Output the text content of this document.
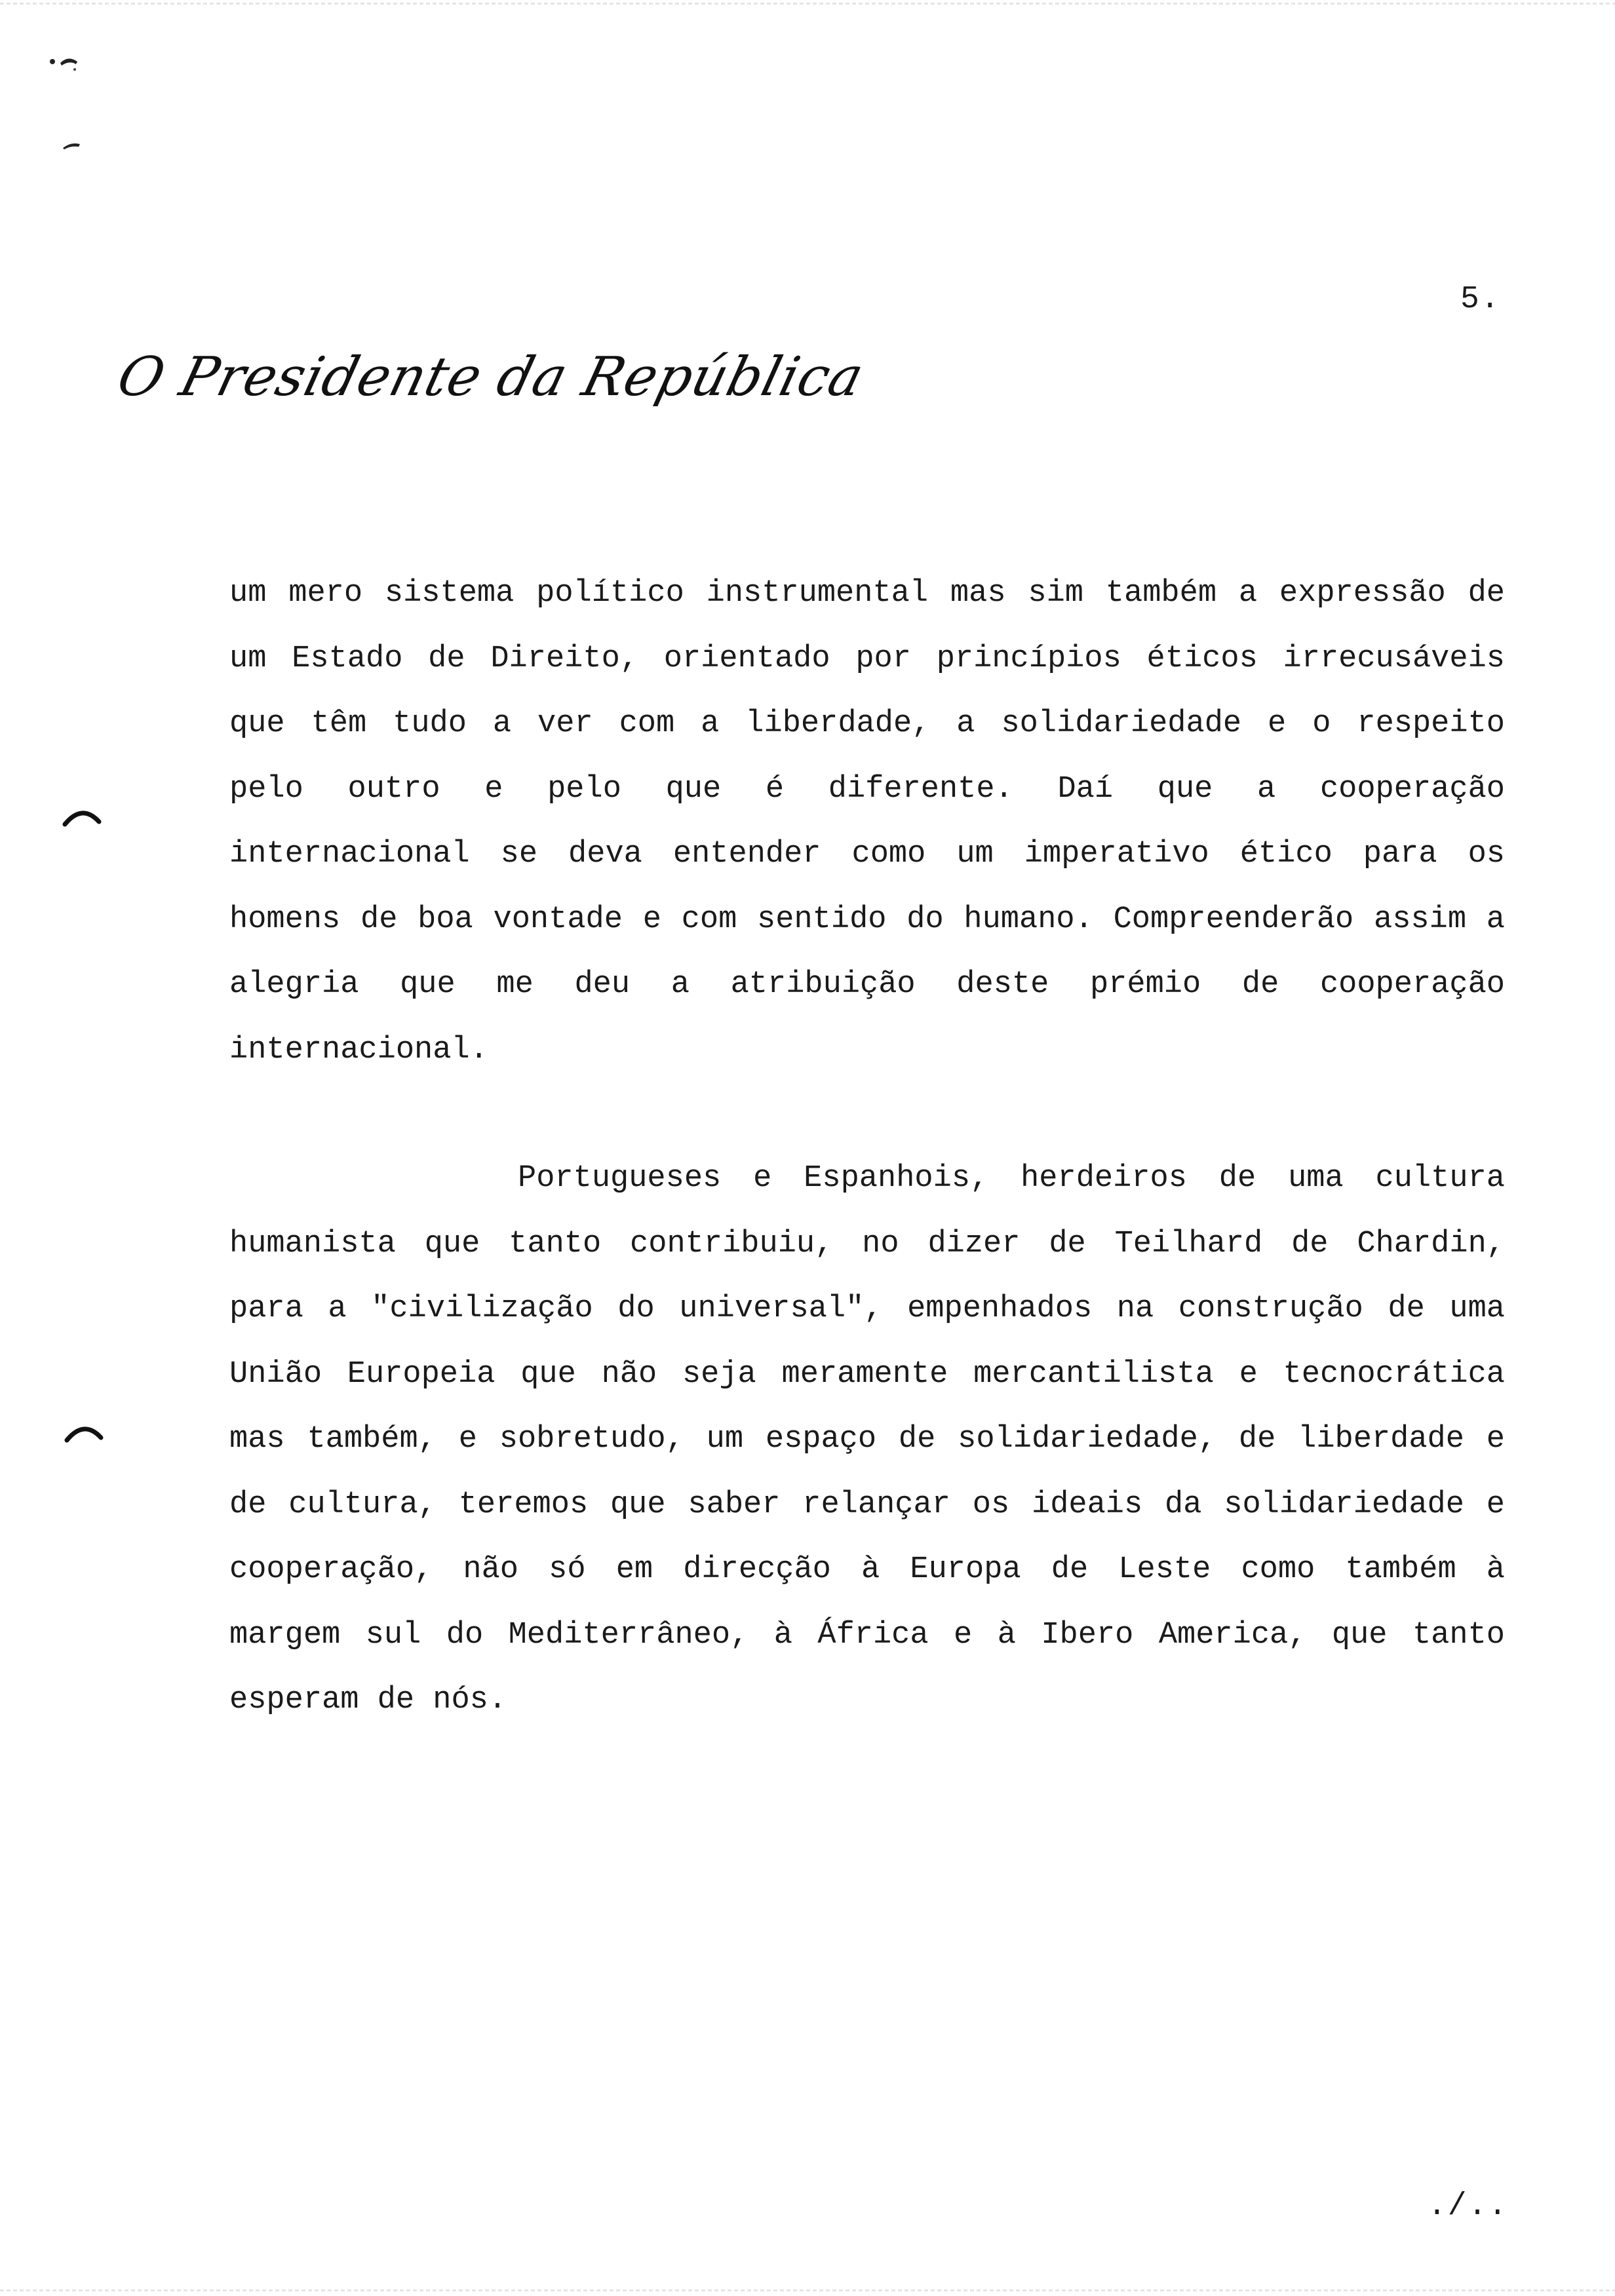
5.
O Presidente da República

um mero sistema político instrumental mas sim também a expressão de um Estado de Direito, orientado por princípios éticos irrecusáveis que têm tudo a ver com a liberdade, a solidariedade e o respeito pelo outro e pelo que é diferente. Daí que a cooperação internacional se deva entender como um imperativo ético para os homens de boa vontade e com sentido do humano. Compreenderão assim a alegria que me deu a atribuição deste prémio de cooperação internacional.

Portugueses e Espanhois, herdeiros de uma cultura humanista que tanto contribuiu, no dizer de Teilhard de Chardin, para a "civilização do universal", empenhados na construção de uma União Europeia que não seja meramente mercantilista e tecnocrática mas também, e sobretudo, um espaço de solidariedade, de liberdade e de cultura, teremos que saber relançar os ideais da solidariedade e cooperação, não só em direcção à Europa de Leste como também à margem sul do Mediterrâneo, à África e à Ibero America, que tanto esperam de nós.

./..
